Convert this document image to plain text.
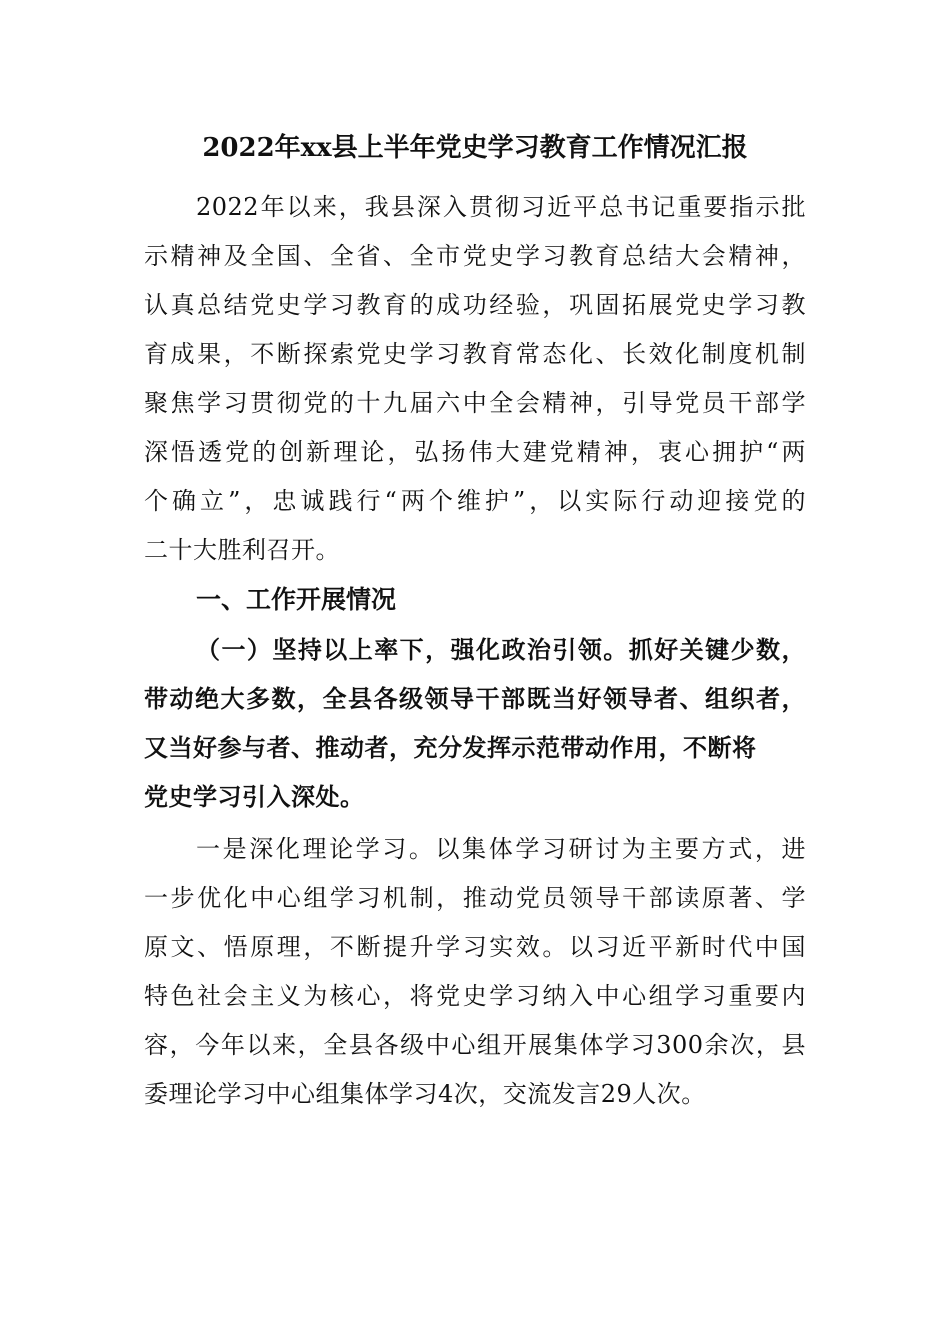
2022年xx县上半年党史学习教育工作情况汇报
2022年以来，我县深入贯彻习近平总书记重要指示批
示精神及全国、全省、全市党史学习教育总结大会精神，
认真总结党史学习教育的成功经验，巩固拓展党史学习教
育成果，不断探索党史学习教育常态化、长效化制度机制
聚焦学习贯彻党的十九届六中全会精神，引导党员干部学
深悟透党的创新理论，弘扬伟大建党精神，衷心拥护“两
个确立”，忠诚践行“两个维护”，以实际行动迎接党的
二十大胜利召开。
一、工作开展情况
（一）坚持以上率下，强化政治引领。抓好关键少数，
带动绝大多数，全县各级领导干部既当好领导者、组织者，
又当好参与者、推动者，充分发挥示范带动作用，不断将
党史学习引入深处。
一是深化理论学习。以集体学习研讨为主要方式，进
一步优化中心组学习机制，推动党员领导干部读原著、学
原文、悟原理，不断提升学习实效。以习近平新时代中国
特色社会主义为核心，将党史学习纳入中心组学习重要内
容，今年以来，全县各级中心组开展集体学习300余次，县
委理论学习中心组集体学习4次，交流发言29人次。
